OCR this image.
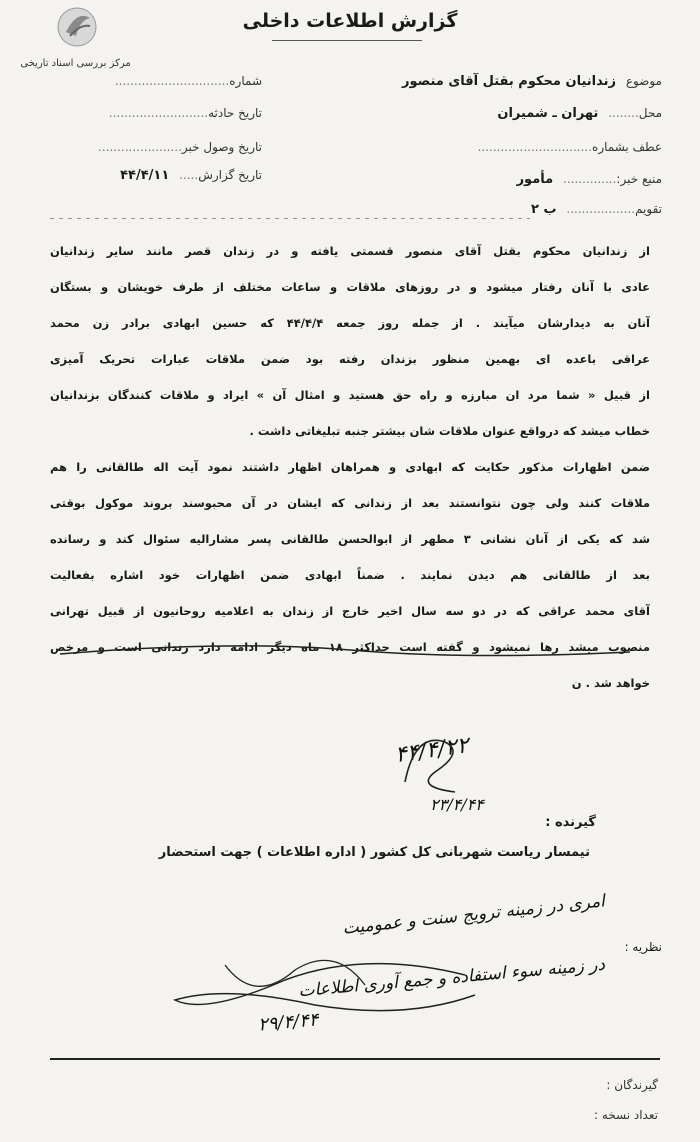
مرکز بررسی اسناد تاریخی
گزارش اطلاعات داخلی
موضوع زندانیان محکوم بقتل آقای منصور
محل........ تهران ـ شمیران
عطف بشماره..............................
منبع خبر:.............. مأمور
تقویم.................. ب ۲
شماره..............................
تاریخ حادثه..........................
تاریخ وصول خبر......................
تاریخ گزارش..... ۴۴/۴/۱۱
از زندانیان محکوم بقتل آقای منصور قسمتی یافته و در زندان قصر مانند سایر زندانیان
عادی با آنان رفتار میشود و در روزهای ملاقات و ساعات مختلف از طرف خویشان و بستگان
آنان به دیدارشان میآیند . از جمله روز جمعه ۴۴/۴/۴ که حسین ابهادی برادر زن محمد
عراقی باعده ای بهمین منظور بزندان رفته بود ضمن ملاقات عبارات تحریک آمیزی
از قبیل « شما مرد ان مبارزه و راه حق هستید و امثال آن » ایراد و ملاقات کنندگان بزندانیان
خطاب میشد که درواقع عنوان ملاقات شان بیشتر جنبه تبلیغاتی داشت .
ضمن اظهارات مذکور حکایت که ابهادی و همراهان اظهار داشتند نمود آیت اله طالقانی را هم
ملاقات کنند ولی چون نتوانستند بعد از زندانی که ایشان در آن محبوسند بروند موکول بوقتی
شد که یکی از آنان نشانی ۳ مطهر از ابوالحسن طالقانی پسر مشارالیه سئوال کند و رسانده
بعد از طالقانی هم دیدن نمایند . ضمناً ابهادی ضمن اظهارات خود اشاره بفعالیت
آقای محمد عراقی که در دو سه سال اخیر خارج از زندان به اعلامیه روحانیون از قبیل تهرانی
منصوب میشد رها نمیشود و گفته است حداکثر ۱۸ ماه دیگر ادامه دارد زندانی است و مرخص
خواهد شد . ن
۴۴/۴/۲۲
۲۳/۴/۴۴
گیرنده :
تیمسار ریاست شهربانی کل کشور ( اداره اطلاعات ) جهت استحضار
نظریه :
امری در زمینه ترویج سنت و عمومیت
در زمینه سوء استفاده و جمع آوری اطلاعات
۲۹/۴/۴۴
گیرندگان :
تعداد نسخه :
